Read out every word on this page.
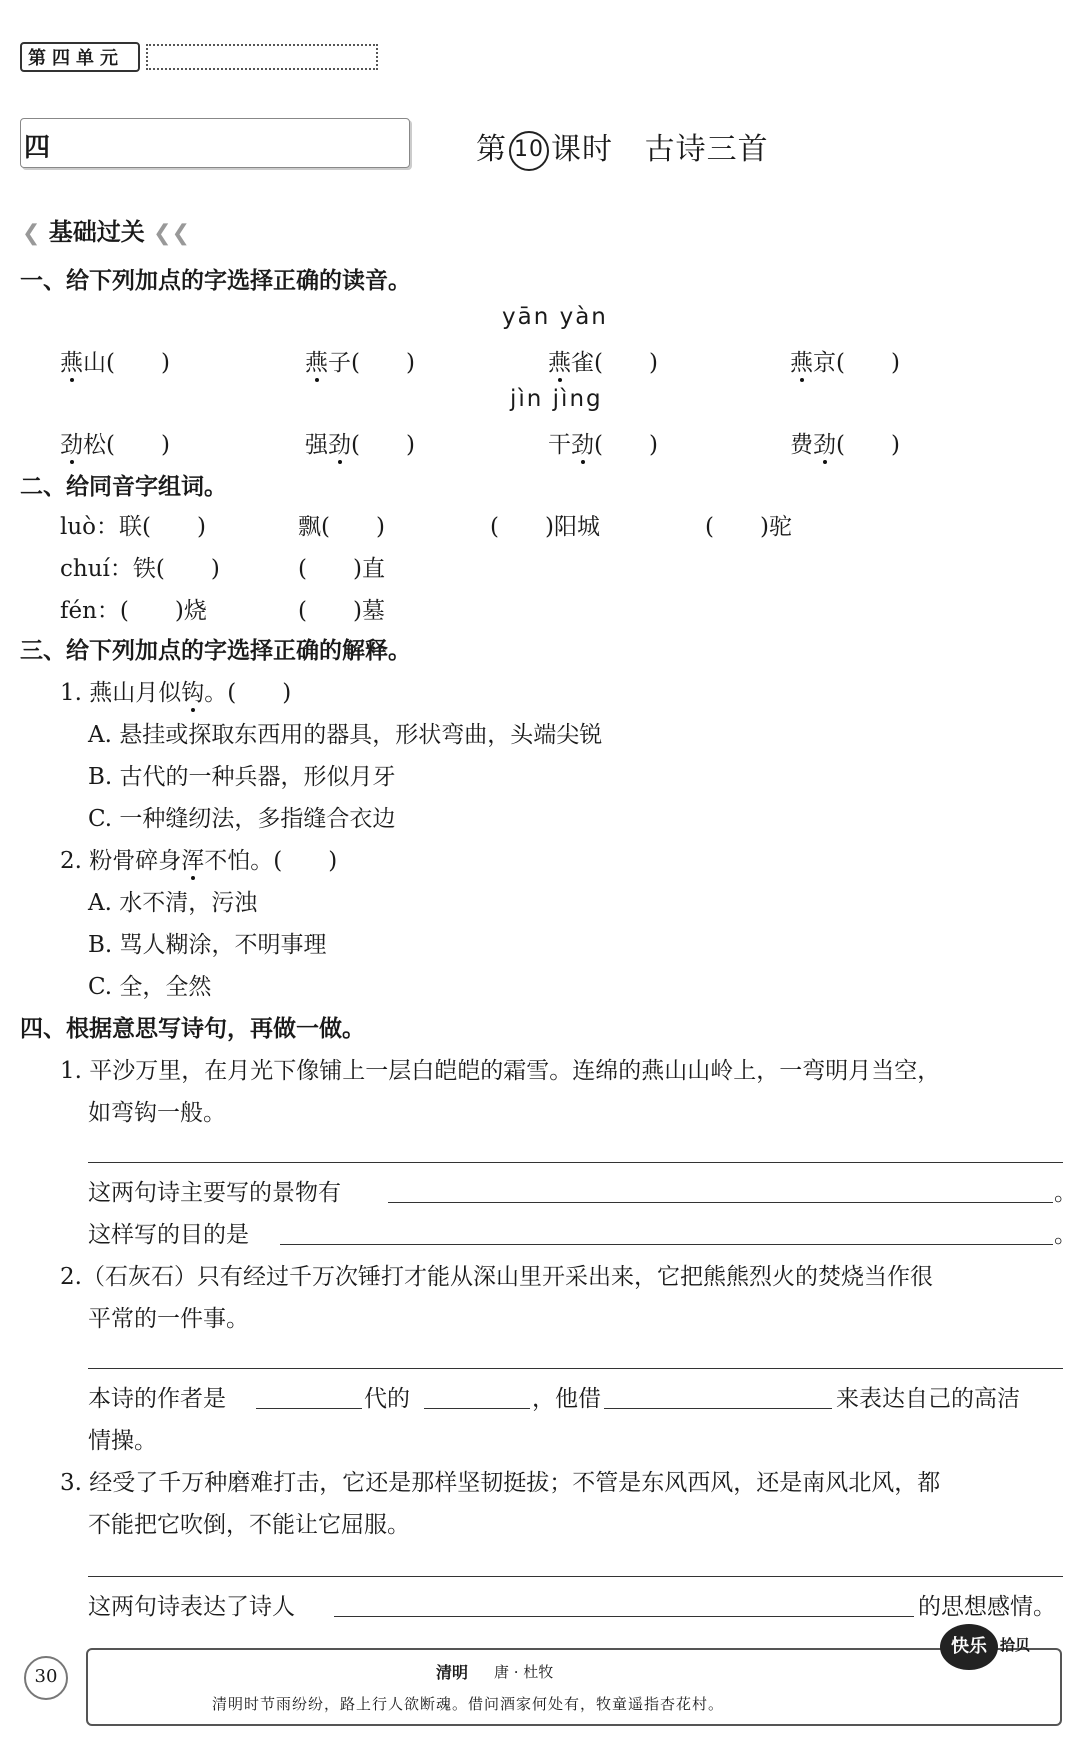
第四单元
四	第 10 课时 古诗三首
❮ 基础过关 ❮❮
一、给下列加点的字选择正确的读音。
yān yàn
燕山(　　)	燕子(　　)	燕雀(　　)	燕京(　　)
jìn jìng
劲松(　　)	强劲(　　)	干劲(　　)	费劲(　　)
二、给同音字组词。
luò：联(　　)	飘(　　)	(　　)阳城	(　　)驼
chuí：铁(　　)	(　　)直
fén：(　　)烧	(　　)墓
三、给下列加点的字选择正确的解释。
1. 燕山月似钩。(　　)
A. 悬挂或探取东西用的器具，形状弯曲，头端尖锐
B. 古代的一种兵器，形似月牙
C. 一种缝纫法，多指缝合衣边
2. 粉骨碎身浑不怕。(　　)
A. 水不清，污浊
B. 骂人糊涂，不明事理
C. 全，全然
四、根据意思写诗句，再做一做。
1. 平沙万里，在月光下像铺上一层白皑皑的霜雪。连绵的燕山山岭上，一弯明月当空，
如弯钩一般。
这两句诗主要写的景物有	。
这样写的目的是	。
2.（石灰石）只有经过千万次锤打才能从深山里开采出来，它把熊熊烈火的焚烧当作很
平常的一件事。
本诗的作者是	代的	，他借	来表达自己的高洁
情操。
3. 经受了千万种磨难打击，它还是那样坚韧挺拔；不管是东风西风，还是南风北风，都
不能把它吹倒，不能让它屈服。
这两句诗表达了诗人	的思想感情。
30	清明 唐 · 杜牧
清明时节雨纷纷，路上行人欲断魂。借问酒家何处有，牧童遥指杏花村。
快乐 拾贝
